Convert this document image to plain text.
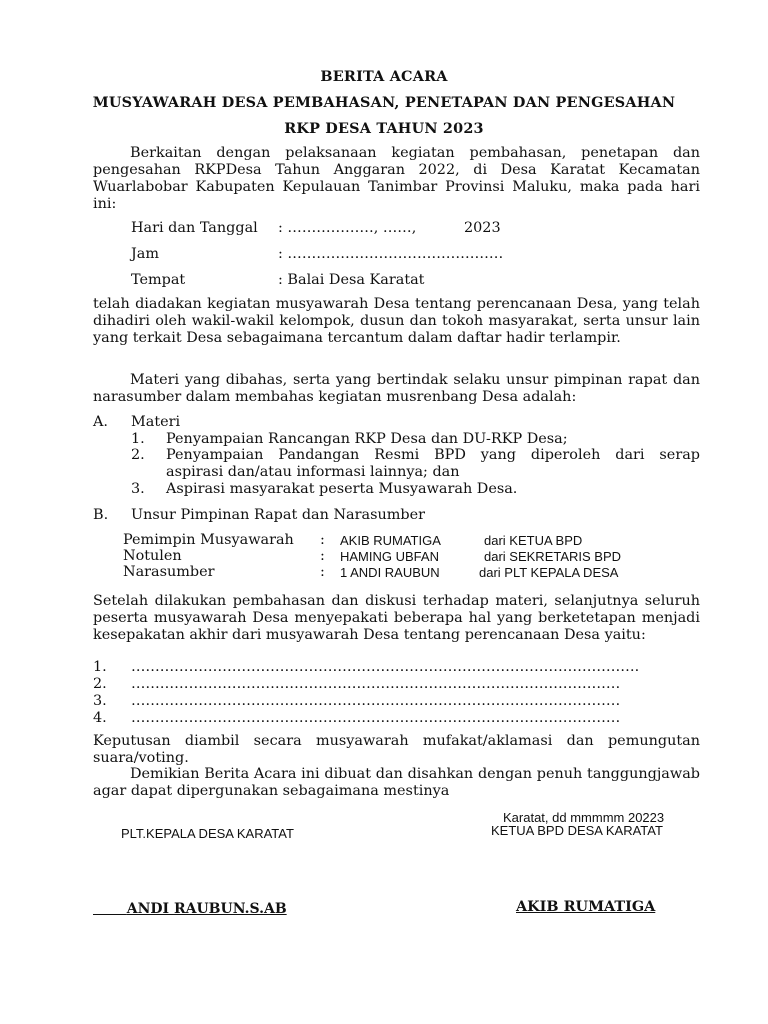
BERITA ACARA
MUSYAWARAH DESA PEMBAHASAN, PENETAPAN DAN PENGESAHAN
RKP DESA TAHUN 2023
Berkaitan dengan pelaksanaan kegiatan pembahasan, penetapan dan pengesahan RKPDesa Tahun Anggaran 2022, di Desa Karatat Kecamatan Wuarlabobar Kabupaten Kepulauan Tanimbar Provinsi Maluku, maka pada hari ini:
Hari dan Tanggal : ………………, ……,	2023
Jam	: ………………………………………
Tempat	: Balai Desa Karatat
telah diadakan kegiatan musyawarah Desa tentang perencanaan Desa, yang telah dihadiri oleh wakil-wakil kelompok, dusun dan tokoh masyarakat, serta unsur lain yang terkait Desa sebagaimana tercantum dalam daftar hadir terlampir.
Materi yang dibahas, serta yang bertindak selaku unsur pimpinan rapat dan narasumber dalam membahas kegiatan musrenbang Desa adalah:
A. Materi
1. Penyampaian Rancangan RKP Desa dan DU-RKP Desa;
2. Penyampaian Pandangan Resmi BPD yang diperoleh dari serap
aspirasi dan/atau informasi lainnya; dan
3. Aspirasi masyarakat peserta Musyawarah Desa.
B. Unsur Pimpinan Rapat dan Narasumber
Pemimpin Musyawarah : AKIB RUMATIGA	dari KETUA BPD
Notulen	: HAMING UBFAN	dari SEKRETARIS BPD
Narasumber	: 1 ANDI RAUBUN	dari PLT KEPALA DESA
Setelah dilakukan pembahasan dan diskusi terhadap materi, selanjutnya seluruh peserta musyawarah Desa menyepakati beberapa hal yang berketetapan menjadi kesepakatan akhir dari musyawarah Desa tentang perencanaan Desa yaitu:
1. …………………………………………………………………………………………….
2. …………………………………………………………………………………………
3. …………………………………………………………………………………………
4. …………………………………………………………………………………………
Keputusan diambil secara musyawarah mufakat/aklamasi dan pemungutan suara/voting.
Demikian Berita Acara ini dibuat dan disahkan dengan penuh tanggungjawab agar dapat dipergunakan sebagaimana mestinya
Karatat, dd mmmmm 20223
KETUA BPD DESA KARATAT
PLT.KEPALA DESA KARATAT
ANDI RAUBUN.S.AB	AKIB RUMATIGA
